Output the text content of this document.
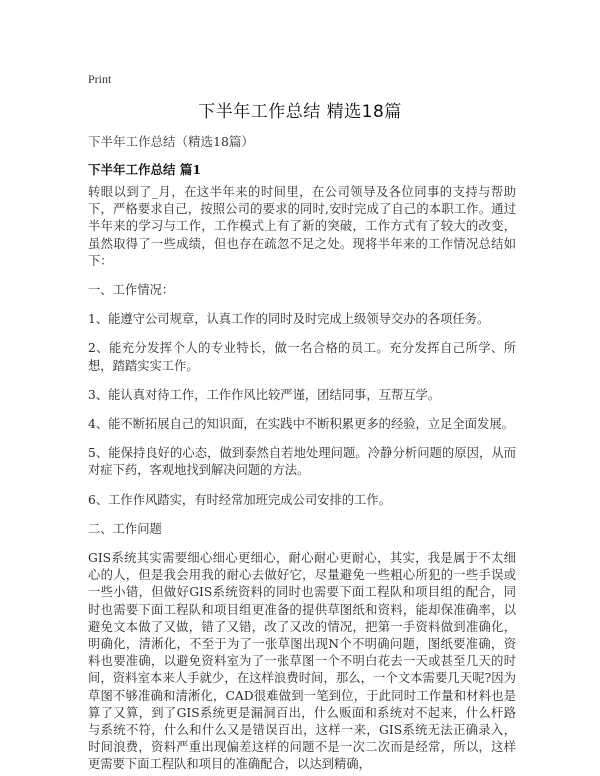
Print
下半年工作总结 精选18篇
下半年工作总结（精选18篇）
下半年工作总结 篇1

转眼以到了_月，在这半年来的时间里，在公司领导及各位同事的支持与帮助下，严格要求自己，按照公司的要求的同时,安时完成了自己的本职工作。通过半年来的学习与工作，工作模式上有了新的突破，工作方式有了较大的改变，虽然取得了一些成绩，但也存在疏忽不足之处。现将半年来的工作情况总结如下：

一、工作情况：

1、能遵守公司规章，认真工作的同时及时完成上级领导交办的各项任务。

2、能充分发挥个人的专业特长，做一名合格的员工。充分发挥自己所学、所想，踏踏实实工作。

3、能认真对待工作，工作作风比较严谨，团结同事，互帮互学。

4、能不断拓展自己的知识面，在实践中不断积累更多的经验，立足全面发展。

5、能保持良好的心态，做到泰然自若地处理问题。冷静分析问题的原因，从而对症下药，客观地找到解决问题的方法。

6、工作作风踏实，有时经常加班完成公司安排的工作。

二、工作问题

GIS系统其实需要细心细心更细心，耐心耐心更耐心，其实，我是属于不太细心的人，但是我会用我的耐心去做好它，尽量避免一些粗心所犯的一些手误或一些小错，但做好GIS系统资料的同时也需要下面工程队和项目组的配合，同时也需要下面工程队和项目组更准备的提供草图纸和资料，能却保准确率，以避免文本做了又做，错了又错，改了又改的情况，把第一手资料做到准确化，明确化，清淅化，不至于为了一张草图出现N个不明确问题，图纸要准确，资料也要准确，以避免资料室为了一张草图一个不明白花去一天或甚至几天的时间，资料室本来人手就少，在这样浪费时间，那么，一个文本需要几天呢?因为草图不够准确和清淅化，CAD很难做到一笔到位，于此同时工作量和材料也是算了又算，到了GIS系统更是漏洞百出，什么贩面和系统对不起来，什么杆路与系统不符，什么和什么又是错误百出，这样一来，GIS系统无法正确录入，时间浪费，资料严重出现偏差这样的问题不是一次二次而是经常，所以，这样更需要下面工程队和项目的准确配合，以达到精确，
